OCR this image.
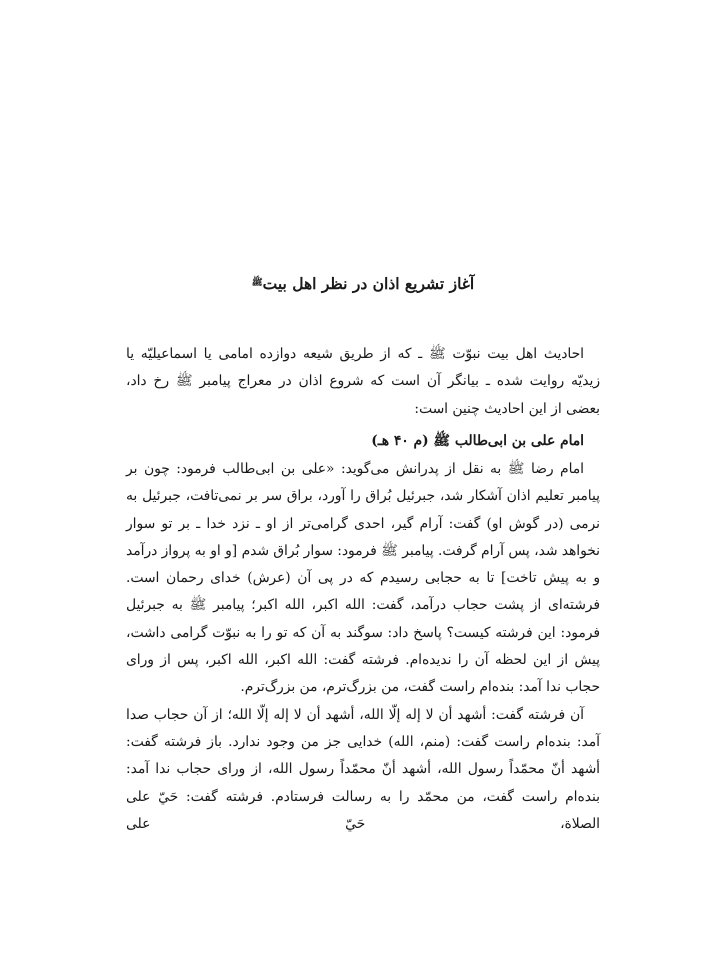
آغاز تشریع اذان در نظر اهل بیت$^ﷺ$

احادیث اهل بیت نبوّت ﷺ ـ که از طریق شیعه دوازده امامی یا اسماعیلیّه یا زیدیّه روایت شده ـ بیانگر آن است که شروع اذان در معراج پیامبر ﷺ رخ داد، بعضی از این احادیث چنین است:

امام علی بن ابی‌طالب ﷺ (م ۴۰ هـ)

امام رضا ﷺ به نقل از پدرانش می‌گوید: «علی بن ابی‌طالب فرمود: چون بر پیامبر تعلیم اذان آشکار شد، جبرئیل بُراق را آورد، براق سر بر نمی‌تافت، جبرئیل به نرمی (در گوش او) گفت: آرام گیر، احدی گرامی‌تر از او ـ نزد خدا ـ بر تو سوار نخواهد شد، پس آرام گرفت. پیامبر ﷺ فرمود: سوار بُراق شدم [و او به پرواز درآمد و به پیش تاخت] تا به حجابی رسیدم که در پی آن (عرش) خدای رحمان است. فرشته‌ای از پشت حجاب درآمد، گفت: الله اکبر، الله اکبر؛ پیامبر ﷺ به جبرئیل فرمود: این فرشته کیست؟ پاسخ داد: سوگند به آن که تو را به نبوّت گرامی داشت، پیش از این لحظه آن را ندیده‌ام. فرشته گفت: الله اکبر، الله اکبر، پس از ورای حجاب ندا آمد: بنده‌ام راست گفت، من بزرگ‌ترم، من بزرگ‌ترم.

آن فرشته گفت: أشهد أن لا إله إلّا الله، أشهد أن لا إله إلّا الله؛ از آن حجاب صدا آمد: بنده‌ام راست گفت: (منم، الله) خدایی جز من وجود ندارد. باز فرشته گفت: أشهد أنّ محمّداً رسول الله، أشهد أنّ محمّداً رسول الله، از ورای حجاب ندا آمد: بنده‌ام راست گفت، من محمّد را به رسالت فرستادم. فرشته گفت: حَيّ علی الصلاة، حَيّ علی
